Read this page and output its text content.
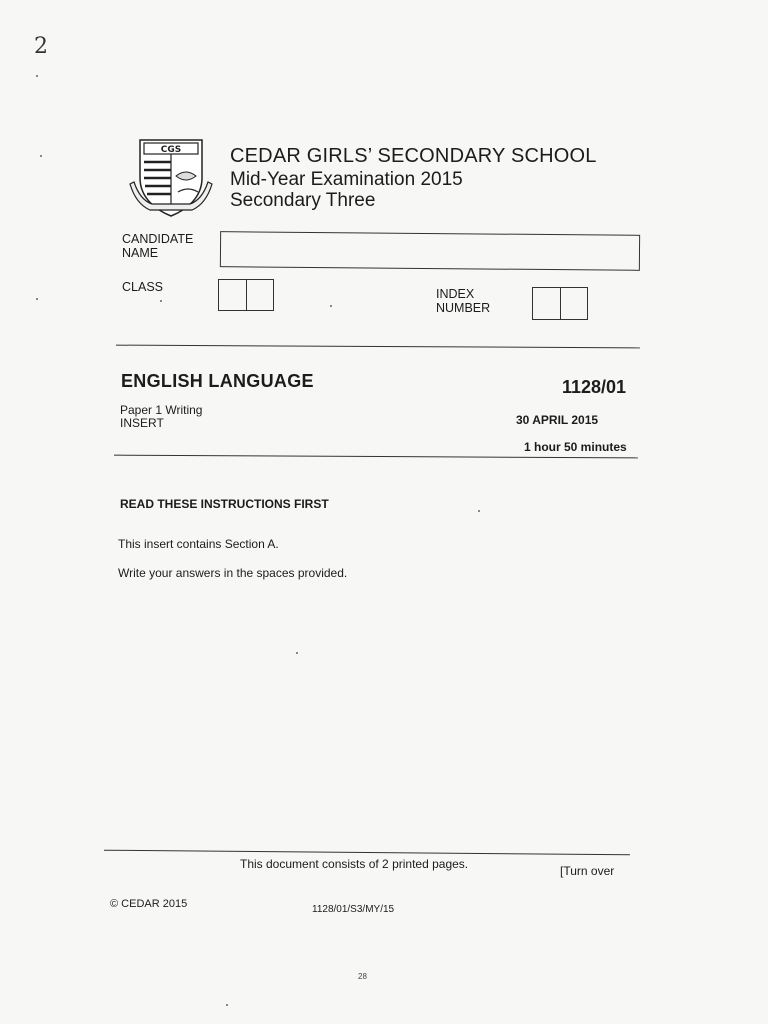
2
CGS CEDAR GIRLS’ SECONDARY SCHOOL
Mid-Year Examination 2015
Secondary Three
CANDIDATE
NAME
CLASS	INDEX
NUMBER
ENGLISH LANGUAGE	1128/01
Paper 1 Writing
INSERT	30 APRIL 2015
1 hour 50 minutes
READ THESE INSTRUCTIONS FIRST
This insert contains Section A.
Write your answers in the spaces provided.
This document consists of 2 printed pages.	[Turn over
© CEDAR 2015	1128/01/S3/MY/15
28
